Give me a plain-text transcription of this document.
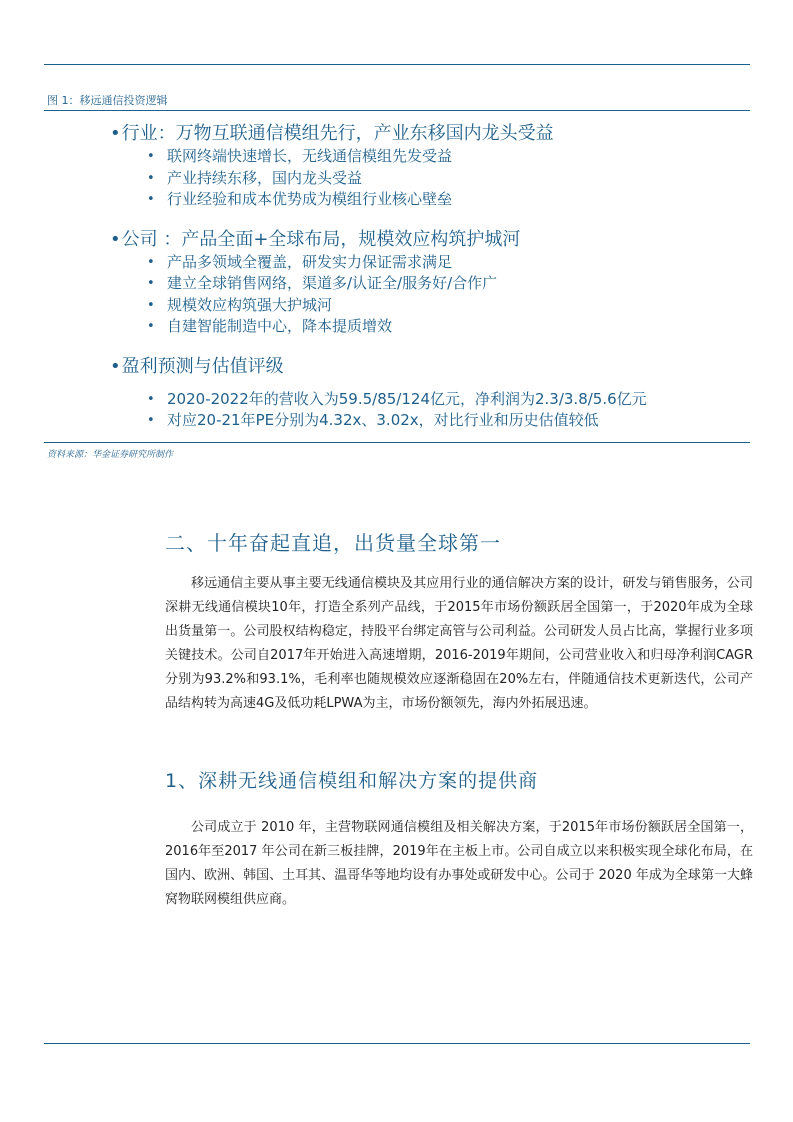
图 1：移远通信投资逻辑
•行业：万物互联通信模组先行，产业东移国内龙头受益
• 联网终端快速增长，无线通信模组先发受益
• 产业持续东移，国内龙头受益
• 行业经验和成本优势成为模组行业核心壁垒
•公司 ：产品全面+全球布局，规模效应构筑护城河
• 产品多领域全覆盖，研发实力保证需求满足
• 建立全球销售网络，渠道多/认证全/服务好/合作广
• 规模效应构筑强大护城河
• 自建智能制造中心，降本提质增效
•盈利预测与估值评级
• 2020-2022年的营收入为59.5/85/124亿元，净利润为2.3/3.8/5.6亿元
• 对应20-21年PE分别为4.32x、3.02x，对比行业和历史估值较低
资料来源：华金证券研究所制作
二、十年奋起直追，出货量全球第一

移远通信主要从事主要无线通信模块及其应用行业的通信解决方案的设计，研发与销售服务，公司深耕无线通信模块10年，打造全系列产品线，于2015年市场份额跃居全国第一，于2020年成为全球出货量第一。公司股权结构稳定，持股平台绑定高管与公司利益。公司研发人员占比高，掌握行业多项关键技术。公司自2017年开始进入高速增期，2016-2019年期间，公司营业收入和归母净利润CAGR 分别为93.2%和93.1%，毛利率也随规模效应逐渐稳固在20%左右，伴随通信技术更新迭代，公司产品结构转为高速4G及低功耗LPWA为主，市场份额领先，海内外拓展迅速。

1、深耕无线通信模组和解决方案的提供商

公司成立于 2010 年，主营物联网通信模组及相关解决方案，于2015年市场份额跃居全国第一，2016年至2017 年公司在新三板挂牌，2019年在主板上市。公司自成立以来积极实现全球化布局，在国内、欧洲、韩国、土耳其、温哥华等地均设有办事处或研发中心。公司于 2020 年成为全球第一大蜂窝物联网模组供应商。
